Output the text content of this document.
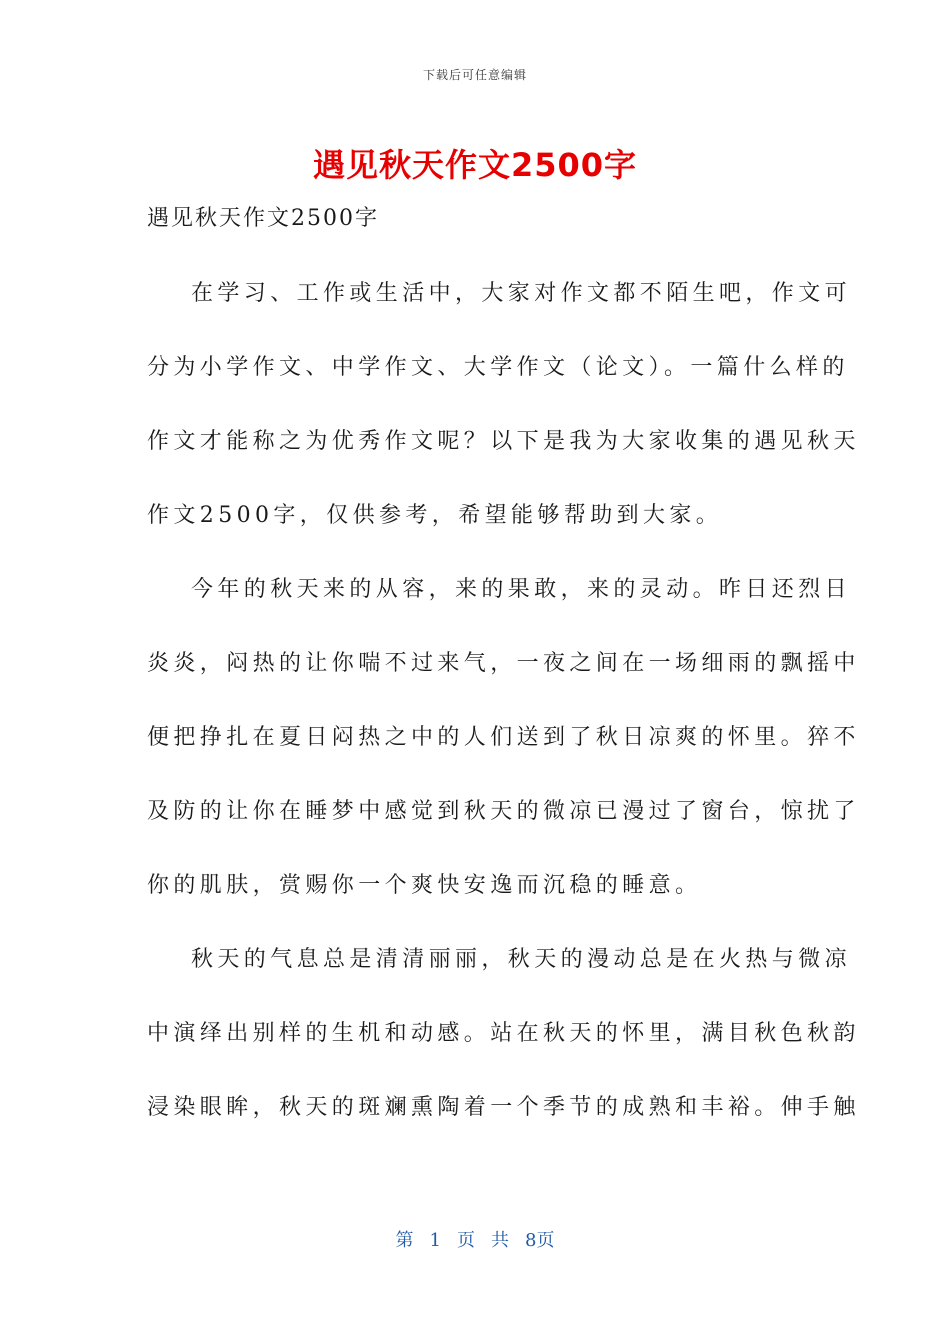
下载后可任意编辑
遇见秋天作文2500字
遇见秋天作文2500字
在学习、工作或生活中，大家对作文都不陌生吧，作文可
分为小学作文、中学作文、大学作文（论文）。一篇什么样的
作文才能称之为优秀作文呢？以下是我为大家收集的遇见秋天
作文2500字，仅供参考，希望能够帮助到大家。
今年的秋天来的从容，来的果敢，来的灵动。昨日还烈日
炎炎，闷热的让你喘不过来气，一夜之间在一场细雨的飘摇中
便把挣扎在夏日闷热之中的人们送到了秋日凉爽的怀里。猝不
及防的让你在睡梦中感觉到秋天的微凉已漫过了窗台，惊扰了
你的肌肤，赏赐你一个爽快安逸而沉稳的睡意。
秋天的气息总是清清丽丽，秋天的漫动总是在火热与微凉
中演绎出别样的生机和动感。站在秋天的怀里，满目秋色秋韵
浸染眼眸，秋天的斑斓熏陶着一个季节的成熟和丰裕。伸手触
第 1 页 共 8页
